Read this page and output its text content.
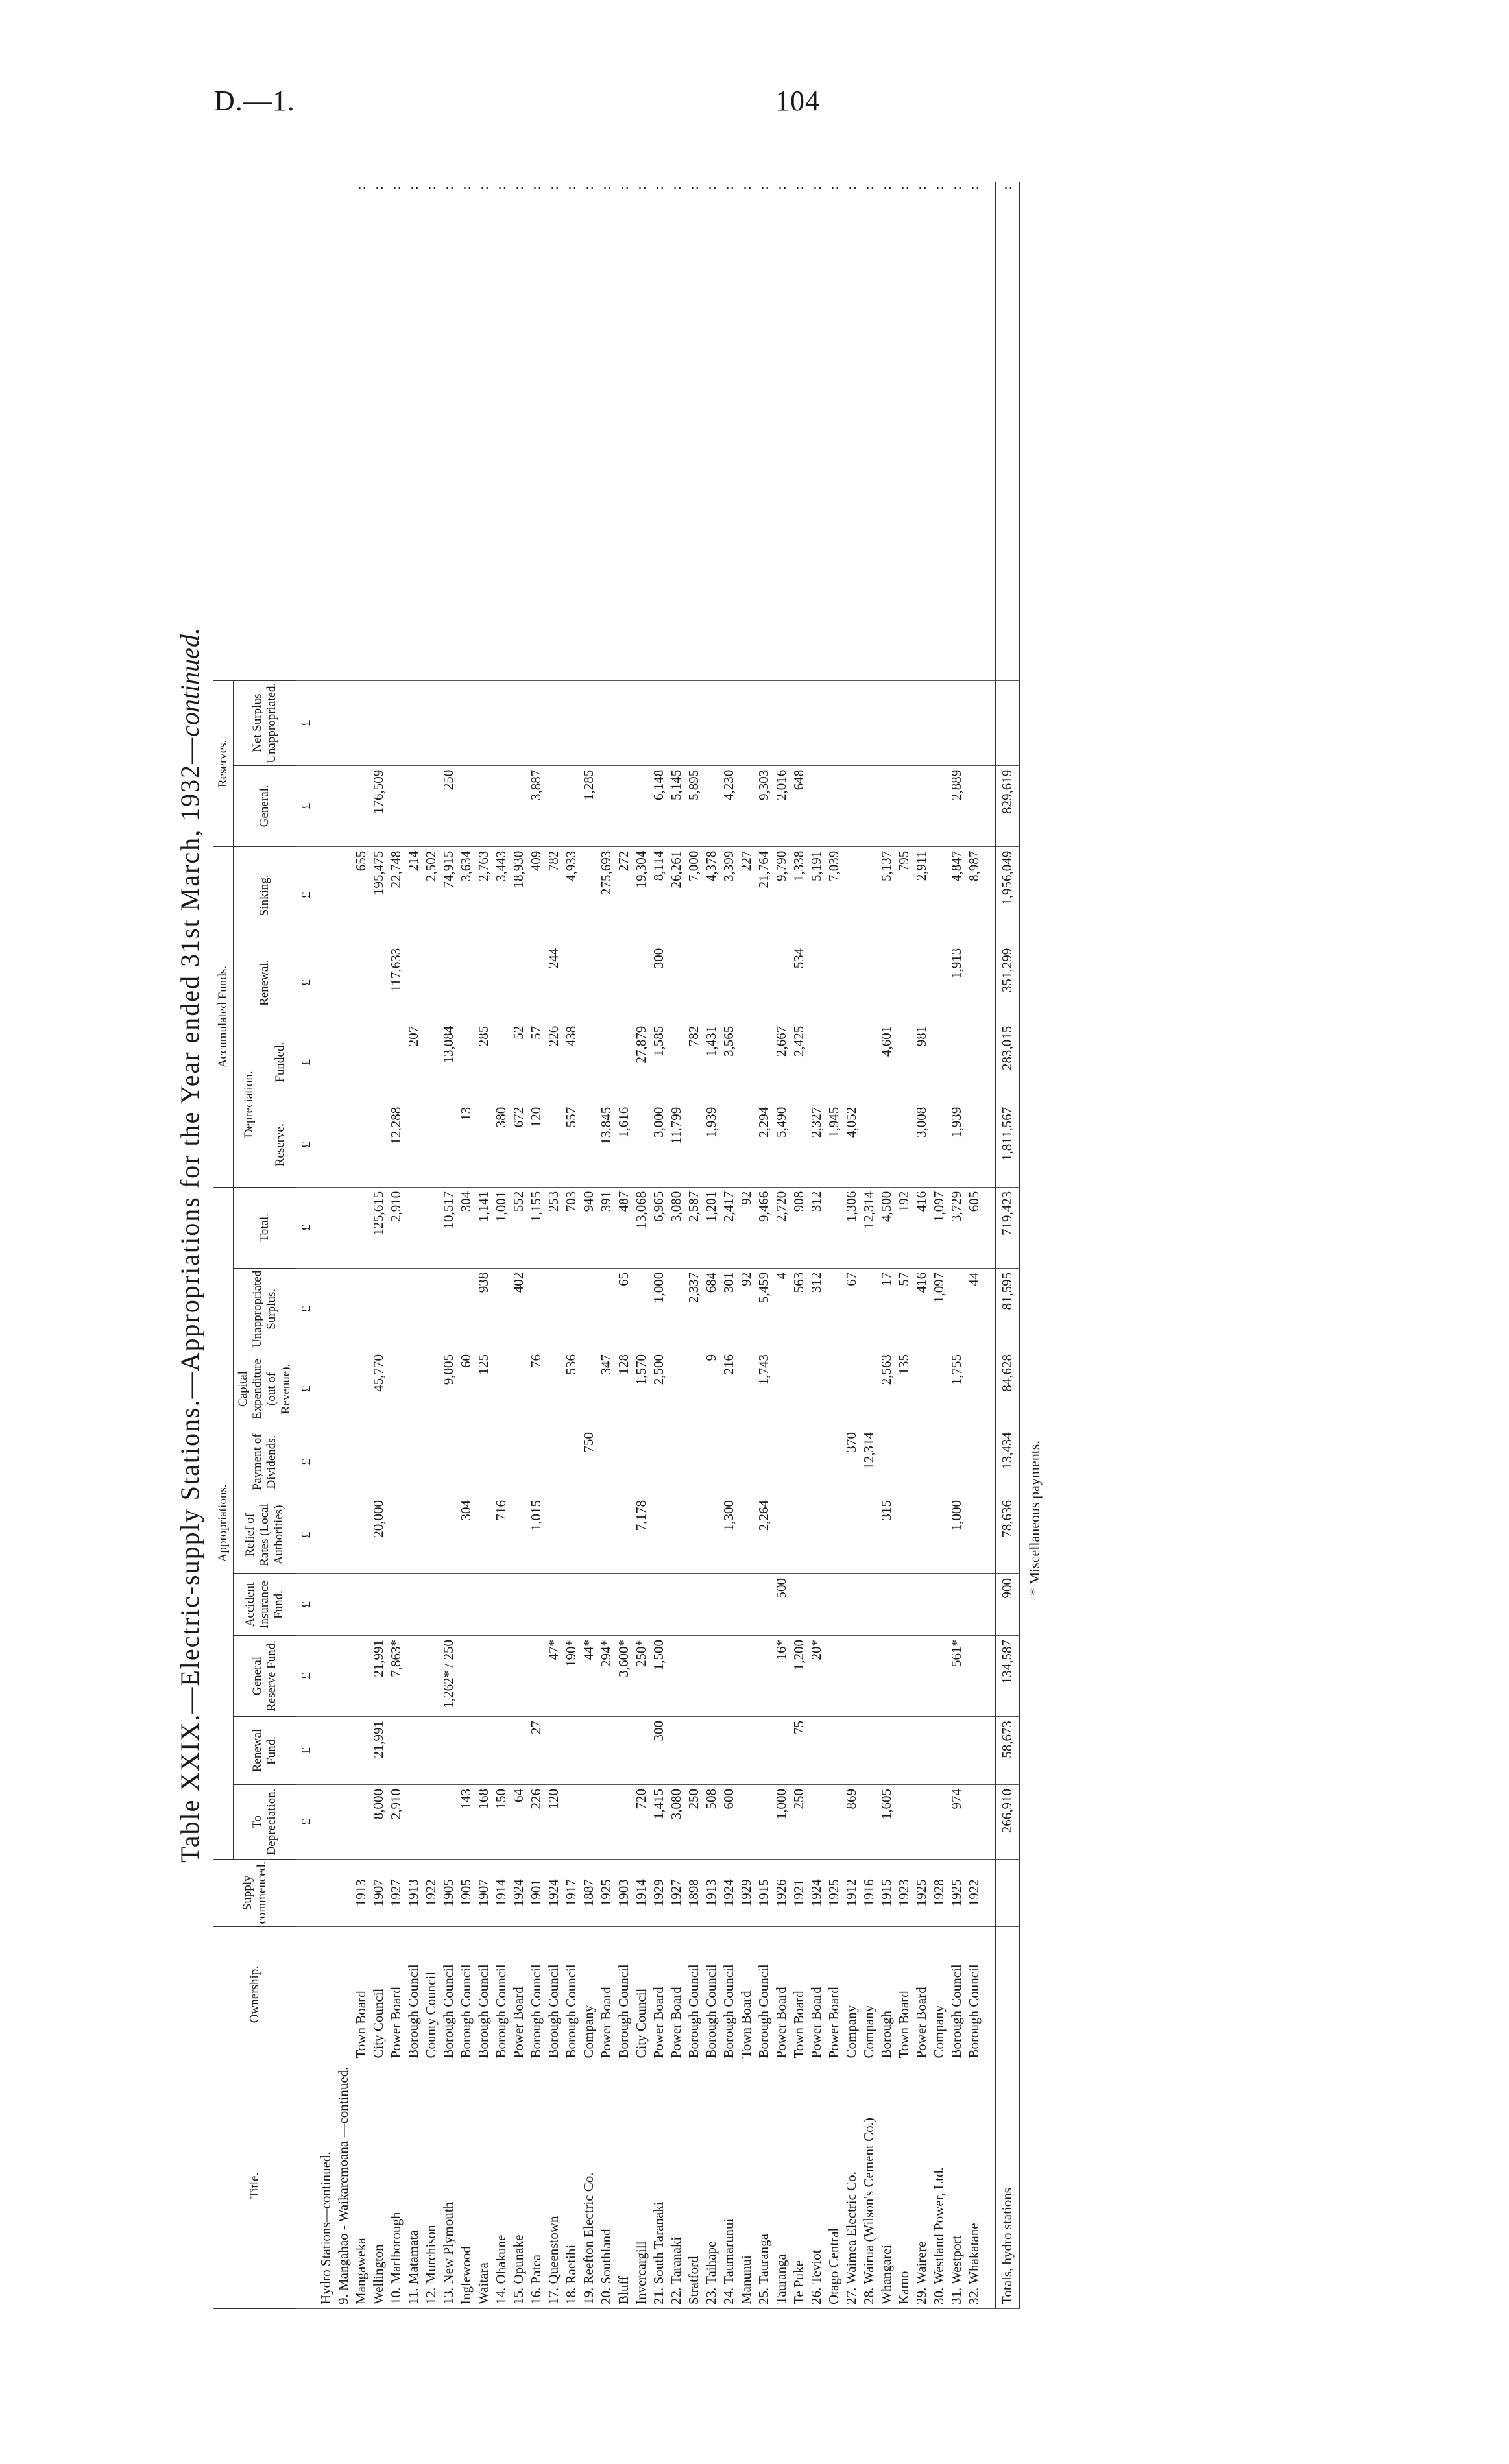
D.—1.	104
Table XXIX.—Electric-supply Stations.—Appropriations for the Year ended 31st March, 1932—continued.
Title.	Ownership.	Supply commenced.	Appropriations.									Accumulated Funds.				Reserves.		
			To Depreciation.	Renewal Fund.	General Reserve Fund.	Accident Insurance Fund.	Relief of Rates (Local Authorities)	Payment of Dividends.	Capital Expenditure (out of Revenue).	Unappropriated Surplus.	Total.	Depreciation.		Renewal.	Sinking.	General.	Net Surplus Unappropriated.	
												Reserve.	Funded.					
			£	£	£	£	£	£	£	£	£	£	£	£	£	£	£	
Hydro Stations—continued.																		
9. Mangahao - Waikaremoana —continued.																		
Mangaweka	Town Board	1913													655			:
Wellington	City Council	1907	8,000	21,991	21,991		20,000		45,770		125,615				195,475	176,509		:
10. Marlborough	Power Board	1927	2,910		7,863*						2,910	12,288		117,633	22,748			:
11. Matamata	Borough Council	1913											207		214			:
12. Murchison	County Council	1922													2,502			:
13. New Plymouth	Borough Council	1905			1,262* / 250				9,005		10,517		13,084		74,915	250		:
Inglewood	Borough Council	1905	143				304		60		304	13			3,634			:
Waitara	Borough Council	1907	168						125	938	1,141		285		2,763			:
14. Ohakune	Borough Council	1914	150				716				1,001	380			3,443			:
15. Opunake	Power Board	1924	64							402	552	672	52		18,930			:
16. Patea	Borough Council	1901	226	27			1,015		76		1,155	120	57		409	3,887		:
17. Queenstown	Borough Council	1924	120		47*						253		226	244	782			:
18. Raetihi	Borough Council	1917			190*				536		703	557	438		4,933			:
19. Reefton Electric Co.	Company	1887			44*			750			940					1,285		:
20. Southland	Power Board	1925			294*				347		391	13,845			275,693			:
Bluff	Borough Council	1903			3,600*				128	65	487	1,616			272			:
Invercargill	City Council	1914	720		250*		7,178		1,570		13,068		27,879		19,304			:
21. South Taranaki	Power Board	1929	1,415	300	1,500				2,500	1,000	6,965	3,000	1,585	300	8,114	6,148		:
22. Taranaki	Power Board	1927	3,080								3,080	11,799			26,261	5,145		:
Stratford	Borough Council	1898	250							2,337	2,587		782		7,000	5,895		:
23. Taihape	Borough Council	1913	508						9	684	1,201	1,939	1,431		4,378			:
24. Taumarunui	Borough Council	1924	600				1,300		216	301	2,417		3,565		3,399	4,230		:
Manunui	Town Board	1929								92	92				227			:
25. Tauranga	Borough Council	1915					2,264		1,743	5,459	9,466	2,294			21,764	9,303		:
Tauranga	Power Board	1926	1,000		16*	500				4	2,720	5,490	2,667		9,790	2,016		:
Te Puke	Town Board	1921	250	75	1,200					563	908		2,425	534	1,338	648		:
26. Teviot	Power Board	1924			20*					312	312	2,327			5,191			:
Otago Central	Power Board	1925										1,945			7,039			:
27. Waimea Electric Co.	Company	1912	869					370		67	1,306	4,052						:
28. Wairua (Wilson's Cement Co.)	Company	1916						12,314			12,314							:
Whangarei	Borough	1915	1,605				315		2,563	17	4,500		4,601		5,137			:
Kamo	Town Board	1923							135	57	192				795			:
29. Wairere	Power Board	1925								416	416	3,008	981		2,911			:
30. Westland Power, Ltd.	Company	1928								1,097	1,097							:
31. Westport	Borough Council	1925	974		561*		1,000		1,755		3,729	1,939		1,913	4,847	2,889		:
32. Whakatane	Borough Council	1922								44	605				8,987			:

Totals, hydro stations			266,910	58,673	134,587	900	78,636	13,434	84,628	81,595	719,423	1,811,567	283,015	351,299	1,956,049	829,619		:
* Miscellaneous payments.
